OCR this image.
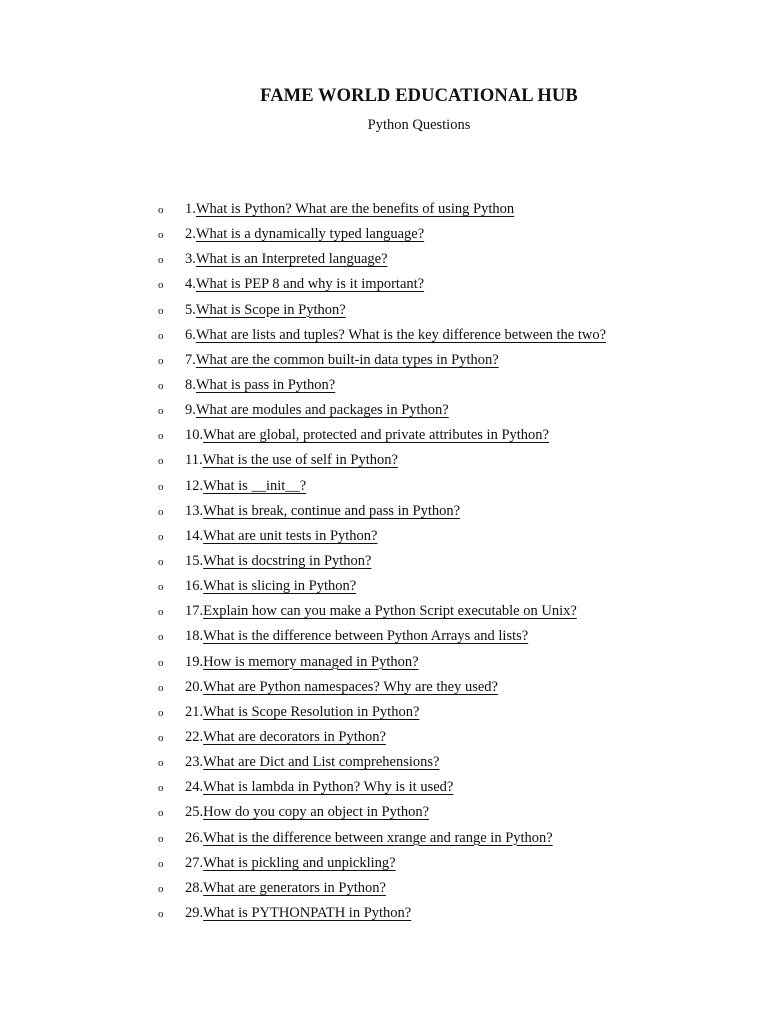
FAME WORLD EDUCATIONAL HUB
Python Questions
o	1. What is Python? What are the benefits of using Python
o	2. What is a dynamically typed language?
o	3. What is an Interpreted language?
o	4. What is PEP 8 and why is it important?
o	5. What is Scope in Python?
o	6. What are lists and tuples? What is the key difference between the two?
o	7. What are the common built-in data types in Python?
o	8. What is pass in Python?
o	9. What are modules and packages in Python?
o	10. What are global, protected and private attributes in Python?
o	11. What is the use of self in Python?
o	12. What is __init__?
o	13. What is break, continue and pass in Python?
o	14. What are unit tests in Python?
o	15. What is docstring in Python?
o	16. What is slicing in Python?
o	17. Explain how can you make a Python Script executable on Unix?
o	18. What is the difference between Python Arrays and lists?
o	19. How is memory managed in Python?
o	20. What are Python namespaces? Why are they used?
o	21. What is Scope Resolution in Python?
o	22. What are decorators in Python?
o	23. What are Dict and List comprehensions?
o	24. What is lambda in Python? Why is it used?
o	25. How do you copy an object in Python?
o	26. What is the difference between xrange and range in Python?
o	27. What is pickling and unpickling?
o	28. What are generators in Python?
o	29. What is PYTHONPATH in Python?
